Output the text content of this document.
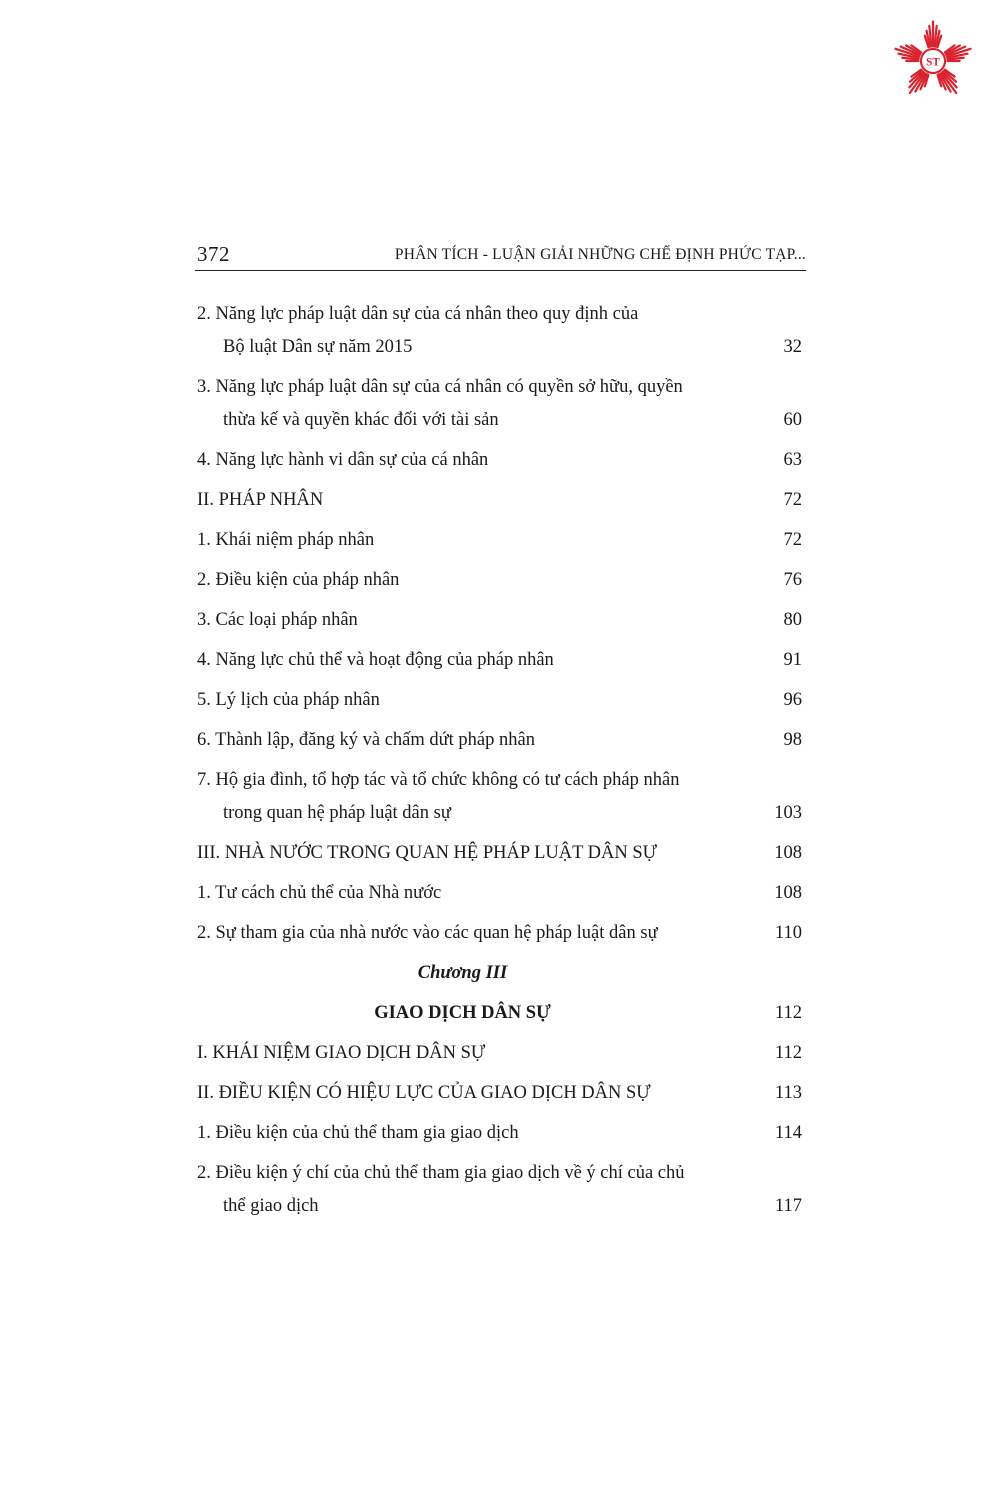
ST
372	PHÂN TÍCH - LUẬN GIẢI NHỮNG CHẾ ĐỊNH PHỨC TẠP...
2. Năng lực pháp luật dân sự của cá nhân theo quy định của
Bộ luật Dân sự năm 2015	32
3. Năng lực pháp luật dân sự của cá nhân có quyền sở hữu, quyền
thừa kế và quyền khác đối với tài sản	60
4. Năng lực hành vi dân sự của cá nhân	63
II. PHÁP NHÂN	72
1. Khái niệm pháp nhân	72
2. Điều kiện của pháp nhân	76
3. Các loại pháp nhân	80
4. Năng lực chủ thể và hoạt động của pháp nhân	91
5. Lý lịch của pháp nhân	96
6. Thành lập, đăng ký và chấm dứt pháp nhân	98
7. Hộ gia đình, tổ hợp tác và tổ chức không có tư cách pháp nhân
trong quan hệ pháp luật dân sự	103
III. NHÀ NƯỚC TRONG QUAN HỆ PHÁP LUẬT DÂN SỰ	108
1. Tư cách chủ thể của Nhà nước	108
2. Sự tham gia của nhà nước vào các quan hệ pháp luật dân sự	110
Chương III
GIAO DỊCH DÂN SỰ	112
I. KHÁI NIỆM GIAO DỊCH DÂN SỰ	112
II. ĐIỀU KIỆN CÓ HIỆU LỰC CỦA GIAO DỊCH DÂN SỰ	113
1. Điều kiện của chủ thể tham gia giao dịch	114
2. Điều kiện ý chí của chủ thể tham gia giao dịch về ý chí của chủ
thể giao dịch	117
